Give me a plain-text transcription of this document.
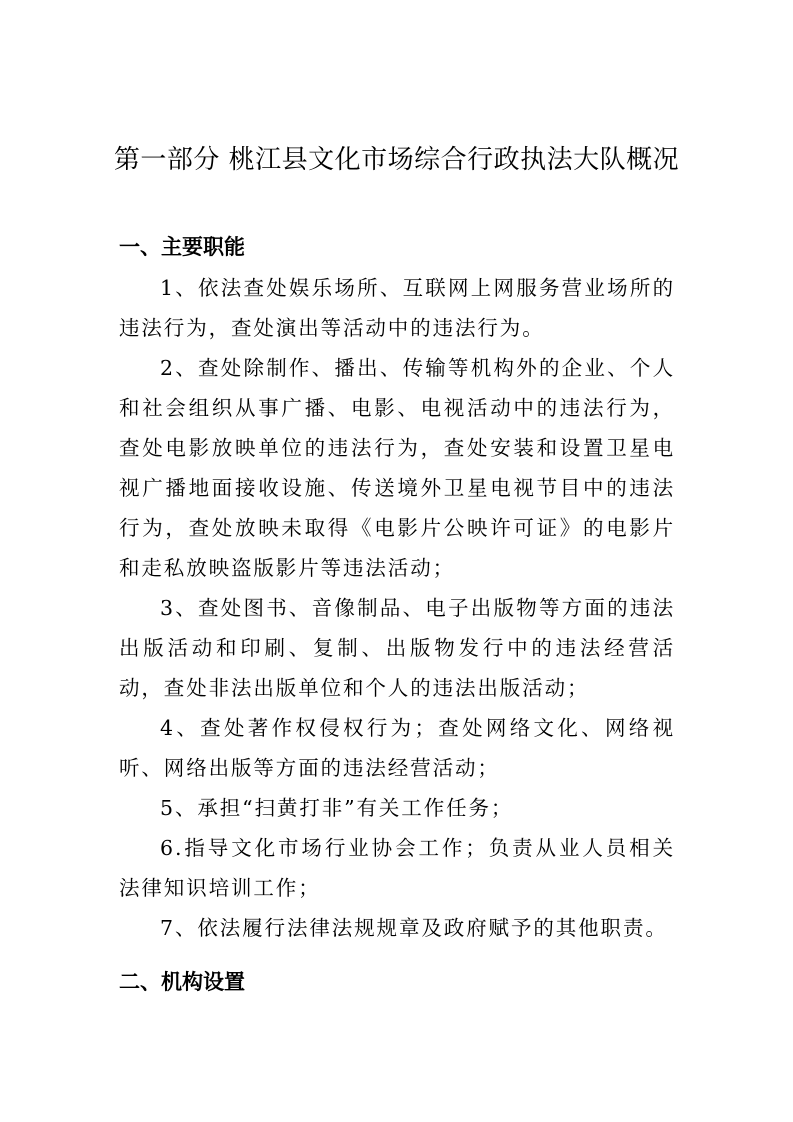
第一部分 桃江县文化市场综合行政执法大队概况
一、主要职能

1、依法查处娱乐场所、互联网上网服务营业场所的违法行为，查处演出等活动中的违法行为。

2、查处除制作、播出、传输等机构外的企业、个人和社会组织从事广播、电影、电视活动中的违法行为，查处电影放映单位的违法行为，查处安装和设置卫星电视广播地面接收设施、传送境外卫星电视节目中的违法行为，查处放映未取得《电影片公映许可证》的电影片和走私放映盗版影片等违法活动；

3、查处图书、音像制品、电子出版物等方面的违法出版活动和印刷、复制、出版物发行中的违法经营活动，查处非法出版单位和个人的违法出版活动；

4、查处著作权侵权行为；查处网络文化、网络视听、网络出版等方面的违法经营活动；

5、承担“扫黄打非”有关工作任务；

6.指导文化市场行业协会工作；负责从业人员相关法律知识培训工作；

7、依法履行法律法规规章及政府赋予的其他职责。

二、机构设置
